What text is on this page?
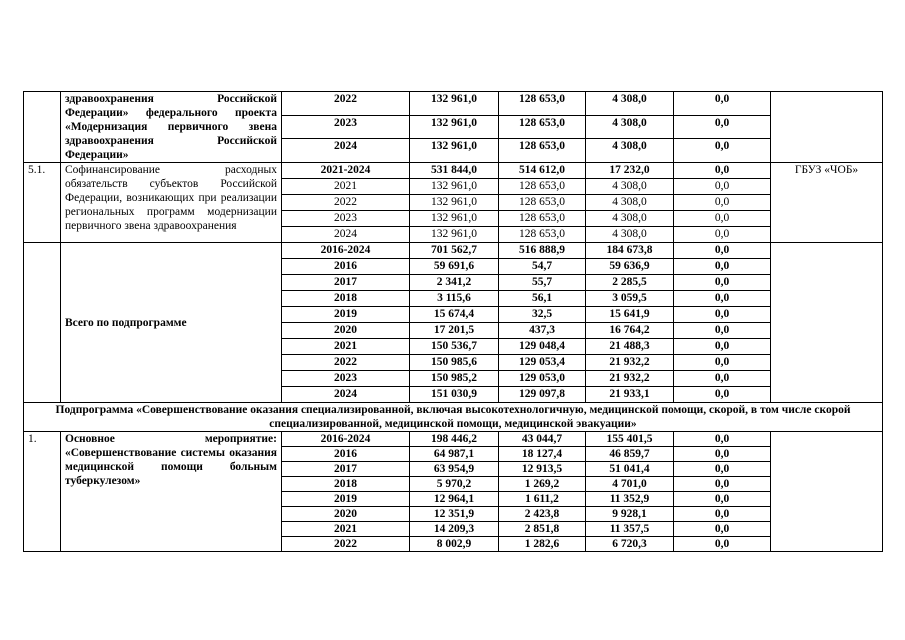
	здравоохранения Российской Федерации» федерального проекта «Модернизация первичного звена здравоохранения Российской Федерации»	2022	132 961,0	128 653,0	4 308,0	0,0	
		2023	132 961,0	128 653,0	4 308,0	0,0	
		2024	132 961,0	128 653,0	4 308,0	0,0	
5.1.	Софинансирование расходных обязательств субъектов Российской Федерации, возникающих при реализации региональных программ модернизации первичного звена здравоохранения	2021-2024	531 844,0	514 612,0	17 232,0	0,0	ГБУЗ «ЧОБ»
		2021	132 961,0	128 653,0	4 308,0	0,0	
		2022	132 961,0	128 653,0	4 308,0	0,0	
		2023	132 961,0	128 653,0	4 308,0	0,0	
		2024	132 961,0	128 653,0	4 308,0	0,0	
	Всего по подпрограмме	2016-2024	701 562,7	516 888,9	184 673,8	0,0	
		2016	59 691,6	54,7	59 636,9	0,0	
		2017	2 341,2	55,7	2 285,5	0,0	
		2018	3 115,6	56,1	3 059,5	0,0	
		2019	15 674,4	32,5	15 641,9	0,0	
		2020	17 201,5	437,3	16 764,2	0,0	
		2021	150 536,7	129 048,4	21 488,3	0,0	
		2022	150 985,6	129 053,4	21 932,2	0,0	
		2023	150 985,2	129 053,0	21 932,2	0,0	
		2024	151 030,9	129 097,8	21 933,1	0,0	
Подпрограмма «Совершенствование оказания специализированной, включая высокотехнологичную, медицинской помощи, скорой, в том числе скорой специализированной, медицинской помощи, медицинской эвакуации»							
1.	Основное мероприятие: «Совершенствование системы оказания медицинской помощи больным туберкулезом»	2016-2024	198 446,2	43 044,7	155 401,5	0,0	
		2016	64 987,1	18 127,4	46 859,7	0,0	
		2017	63 954,9	12 913,5	51 041,4	0,0	
		2018	5 970,2	1 269,2	4 701,0	0,0	
		2019	12 964,1	1 611,2	11 352,9	0,0	
		2020	12 351,9	2 423,8	9 928,1	0,0	
		2021	14 209,3	2 851,8	11 357,5	0,0	
		2022	8 002,9	1 282,6	6 720,3	0,0	
